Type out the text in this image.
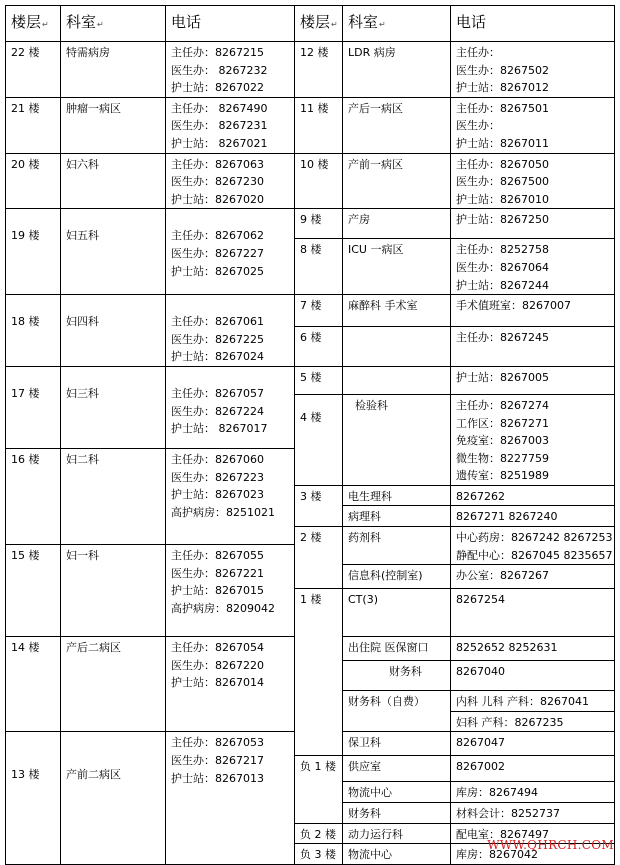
楼层↵	科室↵	电话	楼层↵	科室↵	电话
22 楼	特需病房	主任办：8267215
医生办： 8267232
护士站：8267022	12 楼	LDR 病房	主任办：
医生办：8267502
护士站：8267012

21 楼	肿瘤一病区	主任办： 8267490
医生办： 8267231
护士站： 8267021	11 楼	产后一病区	主任办：8267501
医生办：
护士站：8267011

20 楼	妇六科	主任办：8267063
医生办：8267230
护士站：8267020	10 楼	产前一病区	主任办：8267050
医生办：8267500
护士站：8267010

19 楼	妇五科	主任办：8267062
医生办：8267227
护士站：8267025	9 楼	产房	护士站：8267250

			8 楼	ICU 一病区	主任办：8252758
医生办：8267064
护士站：8267244

18 楼	妇四科	主任办：8267061
医生办：8267225
护士站：8267024	7 楼	麻醉科 手术室	手术值班室：8267007

			6 楼		主任办：8267245

17 楼	妇三科	主任办：8267057
医生办：8267224
护士站： 8267017	5 楼		护士站：8267005

			4 楼	检验科	主任办：8267274
工作区：8267271
免疫室：8267003
微生物：8227759
遗传室：8251989

16 楼	妇二科	主任办：8267060
医生办：8267223
护士站：8267023
高护病房：8251021			

			3 楼	电生理科	8267262
				病理科	8267271 8267240
			2 楼	药剂科	中心药房：8267242 8267253
静配中心：8267045 8235657

15 楼	妇一科	主任办：8267055
医生办：8267221
护士站：8267015
高护病房：8209042			

				信息科(控制室)	办公室：8267267
			1 楼	CT(3)	8267254
14 楼	产后二病区	主任办：8267054
医生办：8267220
护士站：8267014		出住院 医保窗口	8252652 8252631
				财务科	8267040
				财务科（自费）	内科 儿科 产科：8267041
					妇科 产科：8267235
13 楼	产前二病区	主任办：8267053
医生办：8267217
护士站：8267013		保卫科	8267047
			负 1 楼	供应室	8267002
				物流中心	库房：8267494
				财务科	材料会计：8252737
			负 2 楼	动力运行科	配电室：8267497
			负 3 楼	物流中心	库房：8267042
WWW.QHRCH.COM
